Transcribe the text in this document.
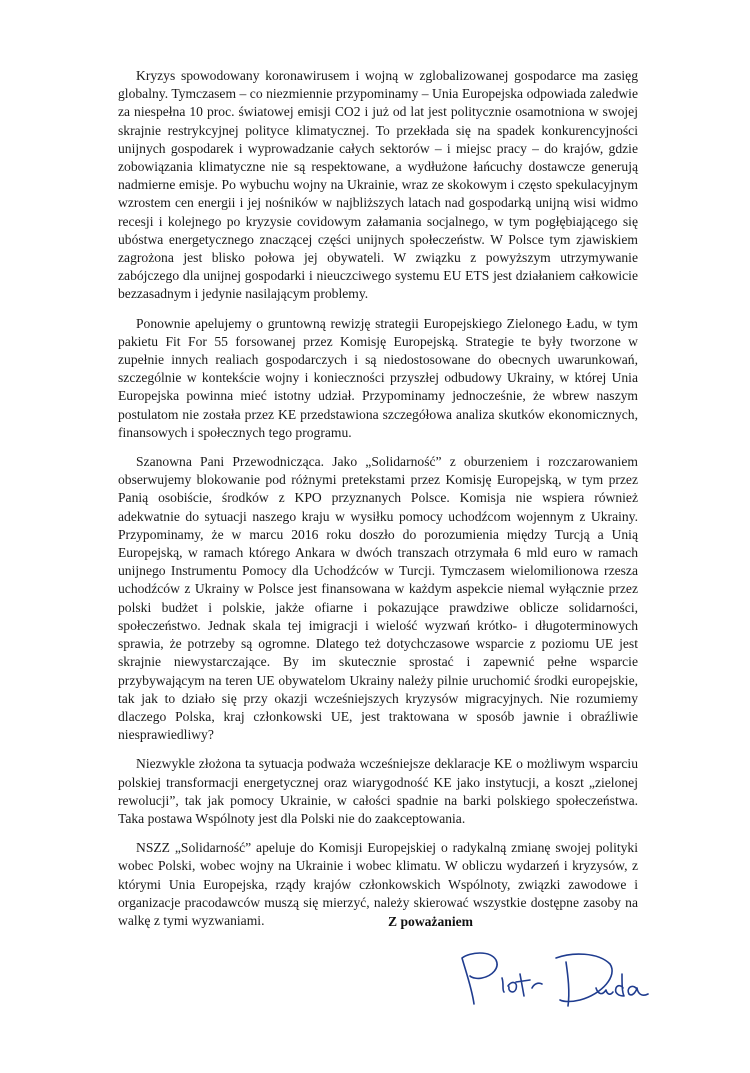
Kryzys spowodowany koronawirusem i wojną w zglobalizowanej gospodarce ma zasięg globalny. Tymczasem – co niezmiennie przypominamy – Unia Europejska odpowiada zaledwie za niespełna 10 proc. światowej emisji CO2 i już od lat jest politycznie osamotniona w swojej skrajnie restrykcyjnej polityce klimatycznej. To przekłada się na spadek konkurencyjności unijnych gospodarek i wyprowadzanie całych sektorów – i miejsc pracy – do krajów, gdzie zobowiązania klimatyczne nie są respektowane, a wydłużone łańcuchy dostawcze generują nadmierne emisje. Po wybuchu wojny na Ukrainie, wraz ze skokowym i często spekulacyjnym wzrostem cen energii i jej nośników w najbliższych latach nad gospodarką unijną wisi widmo recesji i kolejnego po kryzysie covidowym załamania socjalnego, w tym pogłębiającego się ubóstwa energetycznego znaczącej części unijnych społeczeństw. W Polsce tym zjawiskiem zagrożona jest blisko połowa jej obywateli. W związku z powyższym utrzymywanie zabójczego dla unijnej gospodarki i nieuczciwego systemu EU ETS jest działaniem całkowicie bezzasadnym i jedynie nasilającym problemy.

Ponownie apelujemy o gruntowną rewizję strategii Europejskiego Zielonego Ładu, w tym pakietu Fit For 55 forsowanej przez Komisję Europejską. Strategie te były tworzone w zupełnie innych realiach gospodarczych i są niedostosowane do obecnych uwarunkowań, szczególnie w kontekście wojny i konieczności przyszłej odbudowy Ukrainy, w której Unia Europejska powinna mieć istotny udział. Przypominamy jednocześnie, że wbrew naszym postulatom nie została przez KE przedstawiona szczegółowa analiza skutków ekonomicznych, finansowych i społecznych tego programu.

Szanowna Pani Przewodnicząca. Jako „Solidarność” z oburzeniem i rozczarowaniem obserwujemy blokowanie pod różnymi pretekstami przez Komisję Europejską, w tym przez Panią osobiście, środków z KPO przyznanych Polsce. Komisja nie wspiera również adekwatnie do sytuacji naszego kraju w wysiłku pomocy uchodźcom wojennym z Ukrainy. Przypominamy, że w marcu 2016 roku doszło do porozumienia między Turcją a Unią Europejską, w ramach którego Ankara w dwóch transzach otrzymała 6 mld euro w ramach unijnego Instrumentu Pomocy dla Uchodźców w Turcji. Tymczasem wielomilionowa rzesza uchodźców z Ukrainy w Polsce jest finansowana w każdym aspekcie niemal wyłącznie przez polski budżet i polskie, jakże ofiarne i pokazujące prawdziwe oblicze solidarności, społeczeństwo. Jednak skala tej imigracji i wielość wyzwań krótko- i długoterminowych sprawia, że potrzeby są ogromne. Dlatego też dotychczasowe wsparcie z poziomu UE jest skrajnie niewystarczające. By im skutecznie sprostać i zapewnić pełne wsparcie przybywającym na teren UE obywatelom Ukrainy należy pilnie uruchomić środki europejskie, tak jak to działo się przy okazji wcześniejszych kryzysów migracyjnych. Nie rozumiemy dlaczego Polska, kraj członkowski UE, jest traktowana w sposób jawnie i obraźliwie niesprawiedliwy?

Niezwykle złożona ta sytuacja podważa wcześniejsze deklaracje KE o możliwym wsparciu polskiej transformacji energetycznej oraz wiarygodność KE jako instytucji, a koszt „zielonej rewolucji”, tak jak pomocy Ukrainie, w całości spadnie na barki polskiego społeczeństwa. Taka postawa Wspólnoty jest dla Polski nie do zaakceptowania.

NSZZ „Solidarność” apeluje do Komisji Europejskiej o radykalną zmianę swojej polityki wobec Polski, wobec wojny na Ukrainie i wobec klimatu. W obliczu wydarzeń i kryzysów, z którymi Unia Europejska, rządy krajów członkowskich Wspólnoty, związki zawodowe i organizacje pracodawców muszą się mierzyć, należy skierować wszystkie dostępne zasoby na walkę z tymi wyzwaniami.	Z poważaniem
